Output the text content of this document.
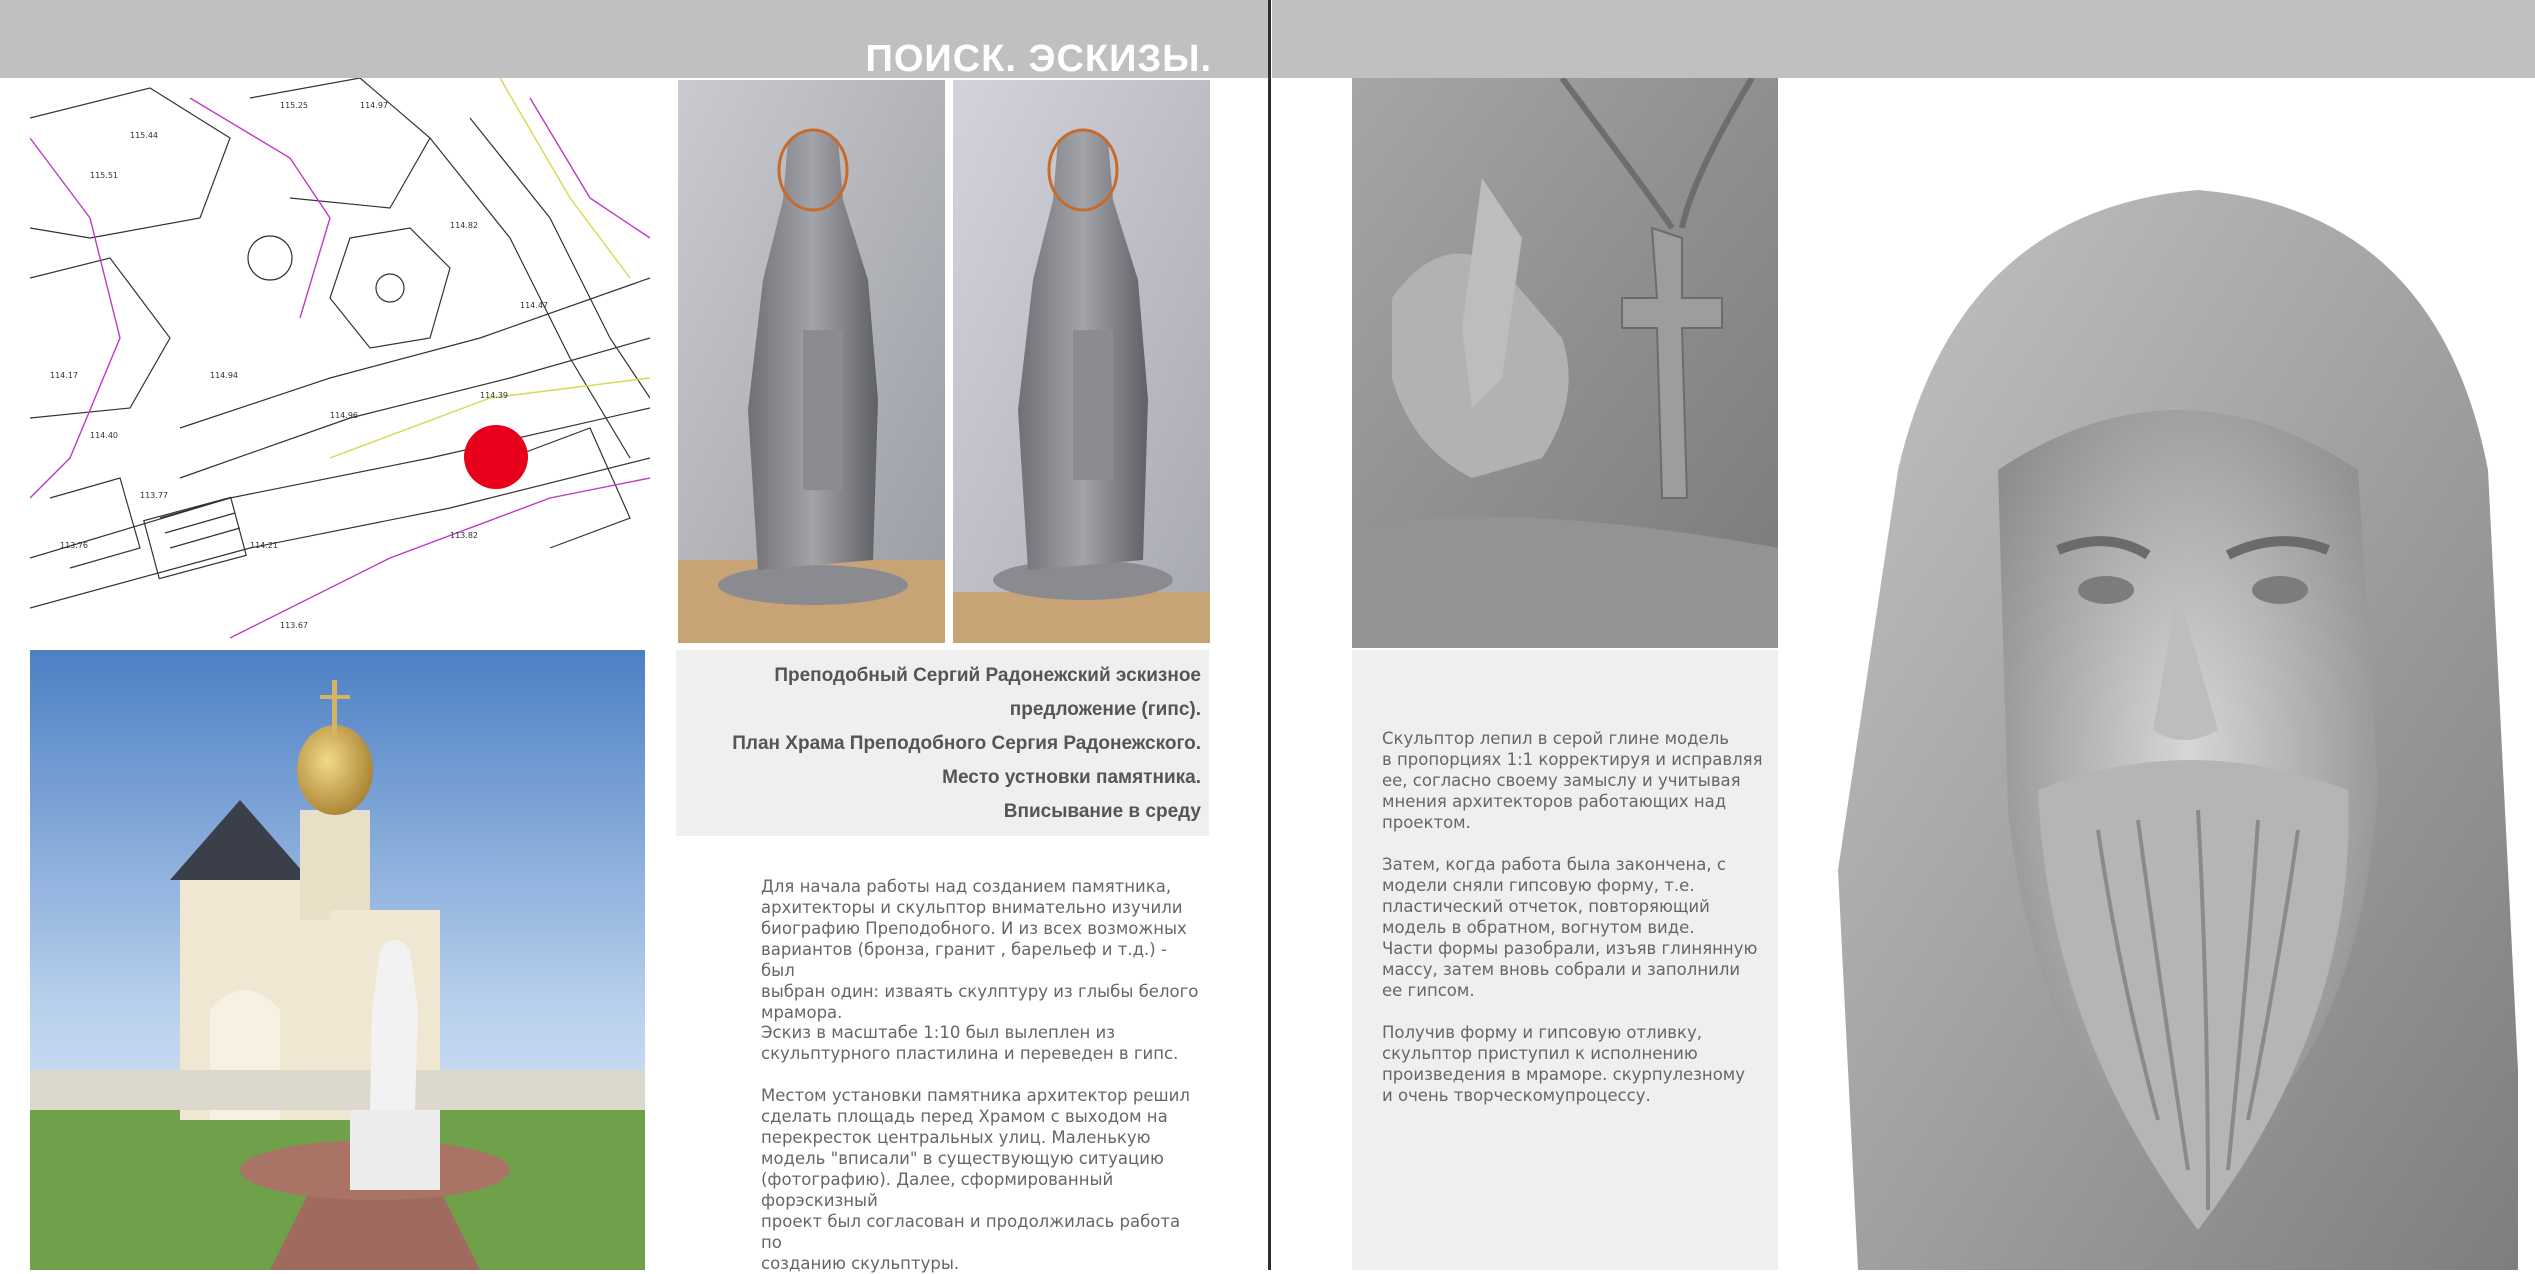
ПОИСК. ЭСКИЗЫ.
115.44
115.51
115.25	114.97
114.82
114.47
114.94
114.96
114.39
114.17
114.40
113.77
114.21
113.82
113.67
113.76
Преподобный Сергий Радонежский эскизное
предложение (гипс).
План Храма Преподобного Сергия Радонежского.
Место устновки памятника.
Вписывание в среду
Для начала работы над созданием памятника,
архитекторы и скульптор внимательно изучили
биографию Преподобного. И из всех возможных
вариантов (бронза, гранит , барельеф и т.д.) - был
выбран один: изваять скулптуру из глыбы белого
мрамора.
Эскиз в масштабе 1:10 был вылеплен из
скульптурного пластилина и переведен в гипс.
Местом установки памятника архитектор решил
сделать площадь перед Храмом с выходом на
перекресток центральных улиц. Маленькую
модель "вписали" в существующую ситуацию
(фотографию). Далее, сформированный форэскизный
проект был согласован и продолжилась работа по
созданию скульптуры.
Скульптор лепил в серой глине модель
в пропорциях 1:1 корректируя и исправляя
ее, согласно своему замыслу и учитывая
мнения архитекторов работающих над
проектом.
Затем, когда работа была закончена, с
модели сняли гипсовую форму, т.е.
пластический отчеток, повторяющий
модель в обратном, вогнутом виде.
Части формы разобрали, изъяв глинянную
массу, затем вновь собрали и заполнили
ее гипсом.
Получив форму и гипсовую отливку,
скульптор приступил к исполнению
произведения в мраморе. скурпулезному
и очень творческомупроцессу.
